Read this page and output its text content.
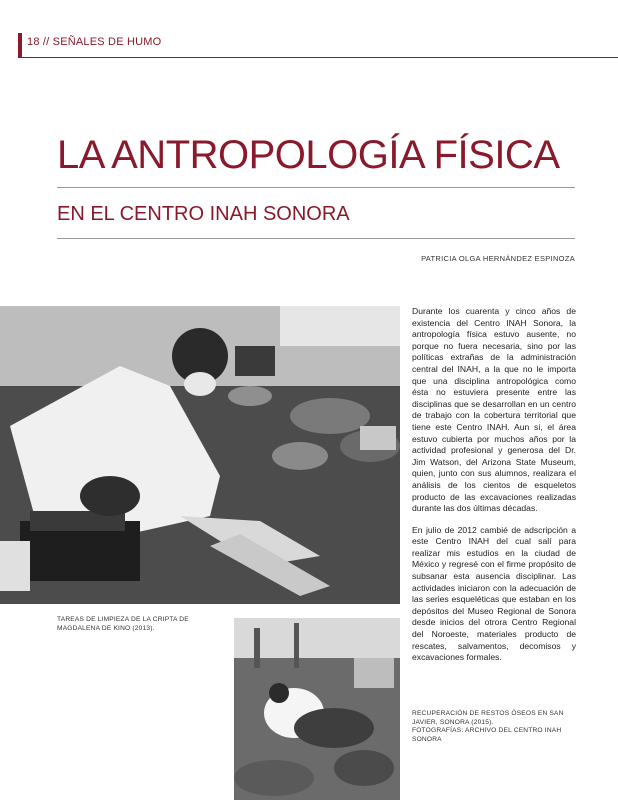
18 // SEÑALES DE HUMO
LA ANTROPOLOGÍA FÍSICA
EN EL CENTRO INAH SONORA
PATRICIA OLGA HERNÁNDEZ ESPINOZA
TAREAS DE LIMPIEZA DE LA CRIPTA DE MAGDALENA DE KINO (2013).

Durante los cuarenta y cinco años de existencia del Centro INAH Sonora, la antropología física estuvo ausente, no porque no fuera necesaria, sino por las políticas extrañas de la administración central del INAH, a la que no le importa que una disciplina antropológica como ésta no estuviera presente entre las disciplinas que se desarrollan en un centro de trabajo con la cobertura territorial que tiene este Centro INAH. Aun si, el área estuvo cubierta por muchos años por la actividad profesional y generosa del Dr. Jim Watson, del Arizona State Museum, quien, junto con sus alumnos, realizara el análisis de los cientos de esqueletos producto de las excavaciones realizadas durante las dos últimas décadas.

En julio de 2012 cambié de adscripción a este Centro INAH del cual salí para realizar mis estudios en la ciudad de México y regresé con el firme propósito de subsanar esta ausencia disciplinar. Las actividades iniciaron con la adecuación de las series esqueléticas que estaban en los depósitos del Museo Regional de Sonora desde inicios del otrora Centro Regional del Noroeste, materiales producto de rescates, salvamentos, decomisos y excavaciones formales.

RECUPERACIÓN DE RESTOS ÓSEOS EN SAN JAVIER, SONORA (2015).
FOTOGRAFÍAS: ARCHIVO DEL CENTRO INAH SONORA
